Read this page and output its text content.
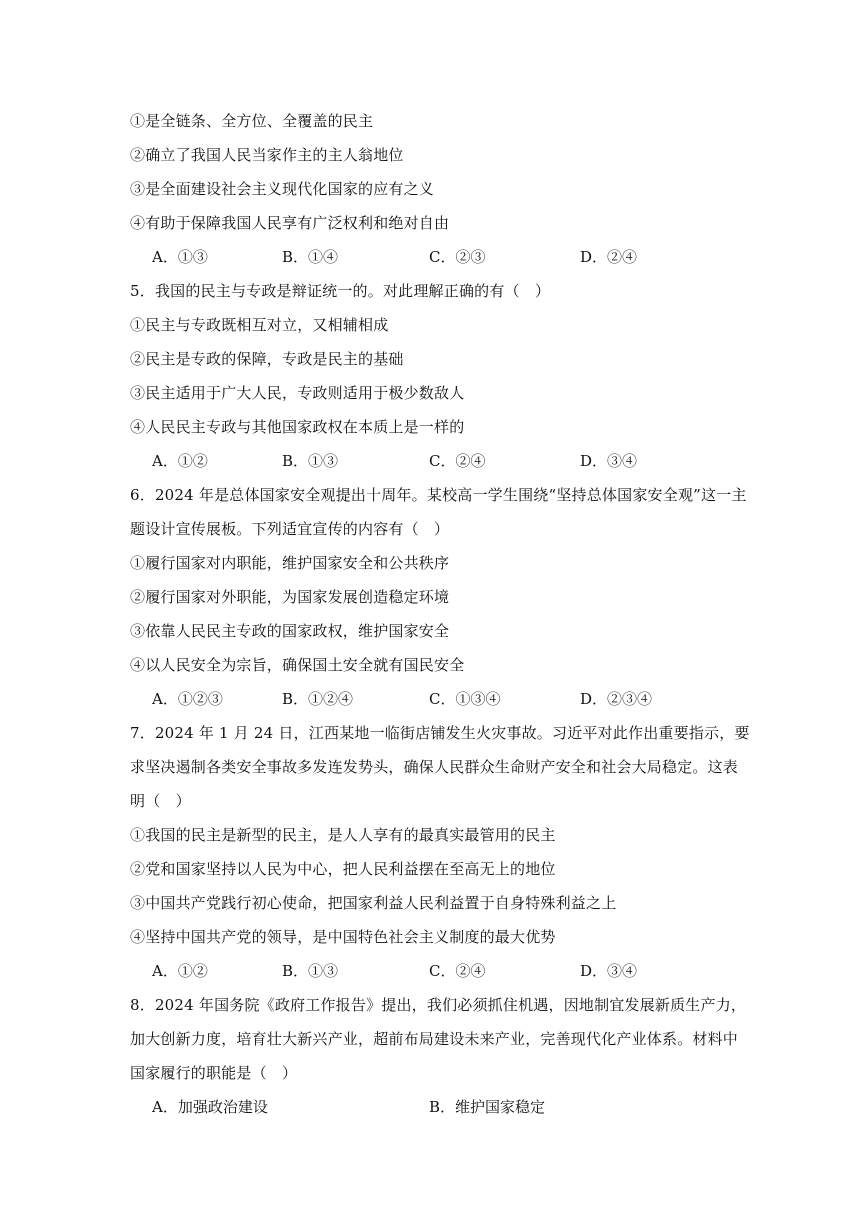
①是全链条、全方位、全覆盖的民主
②确立了我国人民当家作主的主人翁地位
③是全面建设社会主义现代化国家的应有之义
④有助于保障我国人民享有广泛权利和绝对自由
A．①③	B．①④	C．②③	D．②④
5．我国的民主与专政是辩证统一的。对此理解正确的有（　）
①民主与专政既相互对立，又相辅相成
②民主是专政的保障，专政是民主的基础
③民主适用于广大人民，专政则适用于极少数敌人
④人民民主专政与其他国家政权在本质上是一样的
A．①②	B．①③	C．②④	D．③④
6．2024 年是总体国家安全观提出十周年。某校高一学生围绕“坚持总体国家安全观”这一主
题设计宣传展板。下列适宜宣传的内容有（　）
①履行国家对内职能，维护国家安全和公共秩序
②履行国家对外职能，为国家发展创造稳定环境
③依靠人民民主专政的国家政权，维护国家安全
④以人民安全为宗旨，确保国土安全就有国民安全
A．①②③	B．①②④	C．①③④	D．②③④
7．2024 年 1 月 24 日，江西某地一临街店铺发生火灾事故。习近平对此作出重要指示，要
求坚决遏制各类安全事故多发连发势头，确保人民群众生命财产安全和社会大局稳定。这表
明（　）
①我国的民主是新型的民主，是人人享有的最真实最管用的民主
②党和国家坚持以人民为中心，把人民利益摆在至高无上的地位
③中国共产党践行初心使命，把国家利益人民利益置于自身特殊利益之上
④坚持中国共产党的领导，是中国特色社会主义制度的最大优势
A．①②	B．①③	C．②④	D．③④
8．2024 年国务院《政府工作报告》提出，我们必须抓住机遇，因地制宜发展新质生产力，
加大创新力度，培育壮大新兴产业，超前布局建设未来产业，完善现代化产业体系。材料中
国家履行的职能是（　）
A．加强政治建设	B．维护国家稳定
